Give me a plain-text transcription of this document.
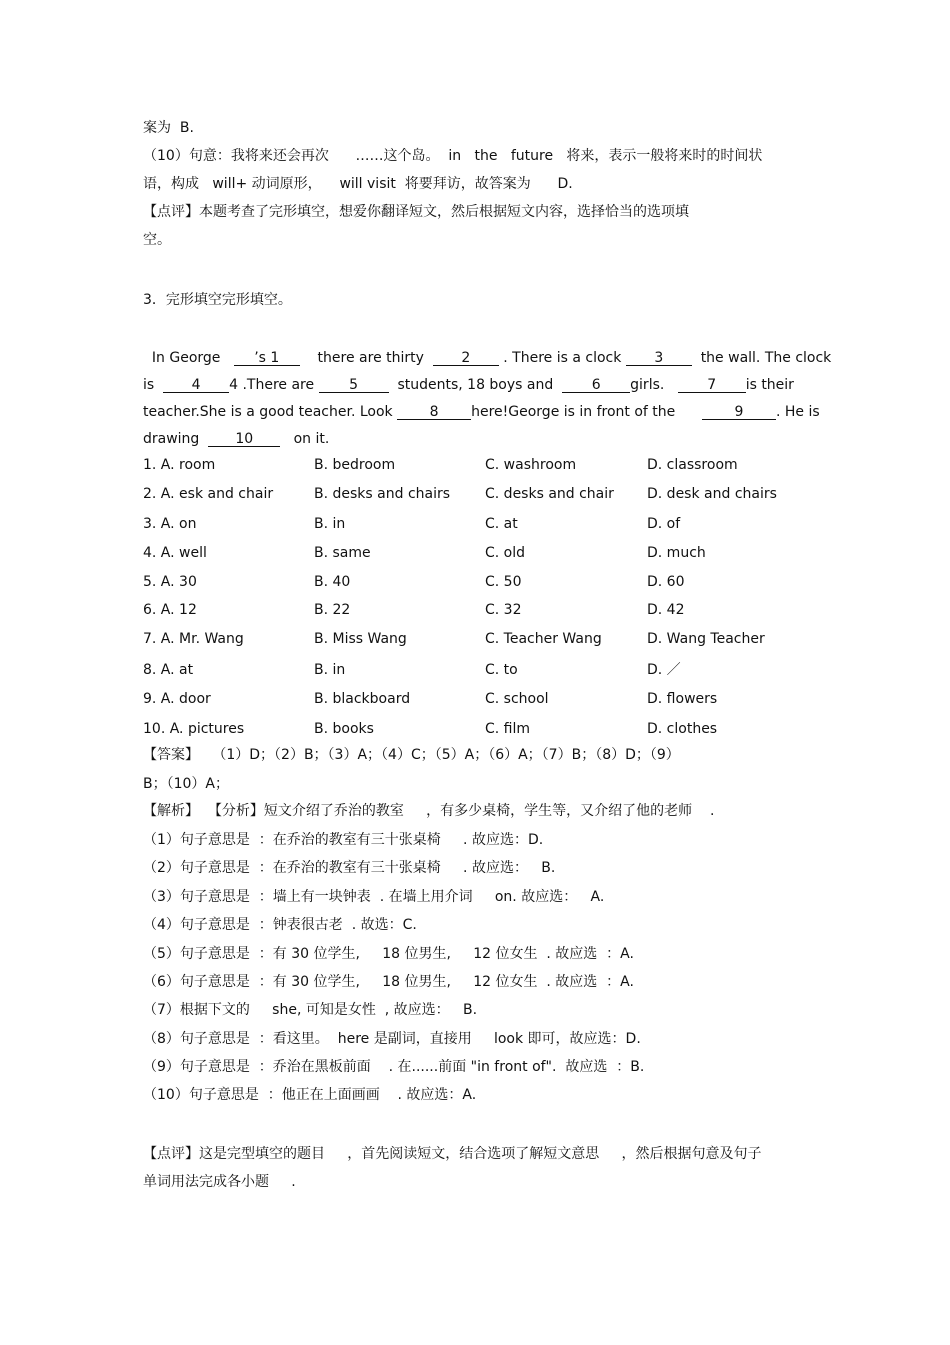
案为  B.
（10）句意：我将来还会再次      ……这个岛。  in   the   future   将来，表示一般将来时的时间状
语，构成   will+ 动词原形，    will visit  将要拜访，故答案为      D.
【点评】本题考查了完形填空，想爱你翻译短文，然后根据短文内容，选择恰当的选项填
空。
3．完形填空完形填空。
In George   ’s 1    there are thirty  2 . There is a clock 3  the wall. The clock
is  4 4 .There are 5  students, 18 boys and  6 girls.   7 is their
teacher.She is a good teacher. Look 8 here!George is in front of the      9 . He is
drawing  10   on it.
1. A. room	B. bedroom	C. washroom	D. classroom
2. A. esk and chair	B. desks and chairs C. desks and chair D. desk and chairs
3. A. on	B. in	C. at	D. of
4. A. well	B. same	C. old	D. much
5. A. 30	B. 40	C. 50	D. 60
6. A. 12	B. 22	C. 32	D. 42
7. A. Mr. Wang	B. Miss Wang	C. Teacher Wang	D. Wang Teacher
8. A. at	B. in	C. to	D. ／
9. A. door	B. blackboard	C. school	D. flowers
10. A. pictures	B. books	C. film	D. clothes
【答案】   （1）D；（2）B；（3）A；（4）C；（5）A；（6）A；（7）B；（8）D；（9）
B；（10）A；
【解析】  【分析】短文介绍了乔治的教室     ，有多少桌椅，学生等，又介绍了他的老师    .
（1）句子意思是  ：在乔治的教室有三十张桌椅     . 故应选：D.
（2）句子意思是  ：在乔治的教室有三十张桌椅     . 故应选：   B.
（3）句子意思是  ：墙上有一块钟表  . 在墙上用介词     on. 故应选：   A.
（4）句子意思是  ：钟表很古老  . 故选：C.
（5）句子意思是  ：有 30 位学生,     18 位男生,     12 位女生  . 故应选  ：A.
（6）句子意思是  ：有 30 位学生,     18 位男生,     12 位女生  . 故应选  ：A.
（7）根据下文的     she, 可知是女性  , 故应选：   B.
（8）句子意思是  ：看这里。  here 是副词，直接用     look 即可，故应选：D.
（9）句子意思是  ：乔治在黑板前面    . 在......前面 "in front of".  故应选  ：B.
（10）句子意思是  ：他正在上面画画    . 故应选：A.
【点评】这是完型填空的题目     ，首先阅读短文，结合选项了解短文意思     ，然后根据句意及句子
单词用法完成各小题     .
